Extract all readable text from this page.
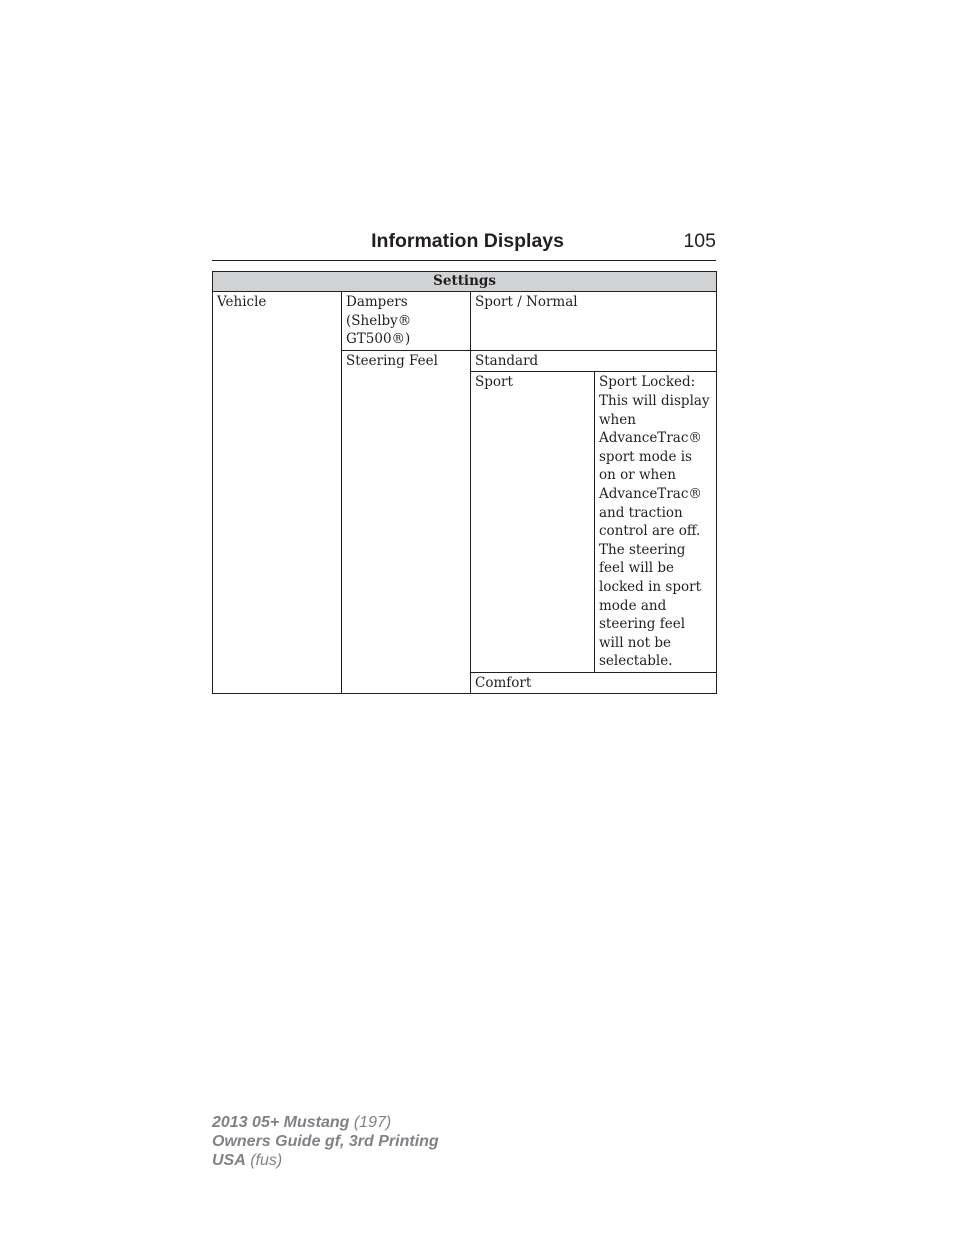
Information Displays	105
Settings			
Vehicle	Dampers (Shelby® GT500®)	Sport / Normal	
	Steering Feel	Standard	
		Sport	Sport Locked: This will display when AdvanceTrac® sport mode is on or when AdvanceTrac® and traction control are off. The steering feel will be locked in sport mode and steering feel will not be selectable.
		Comfort	
2013 05+ Mustang (197)
Owners Guide gf, 3rd Printing
USA (fus)
